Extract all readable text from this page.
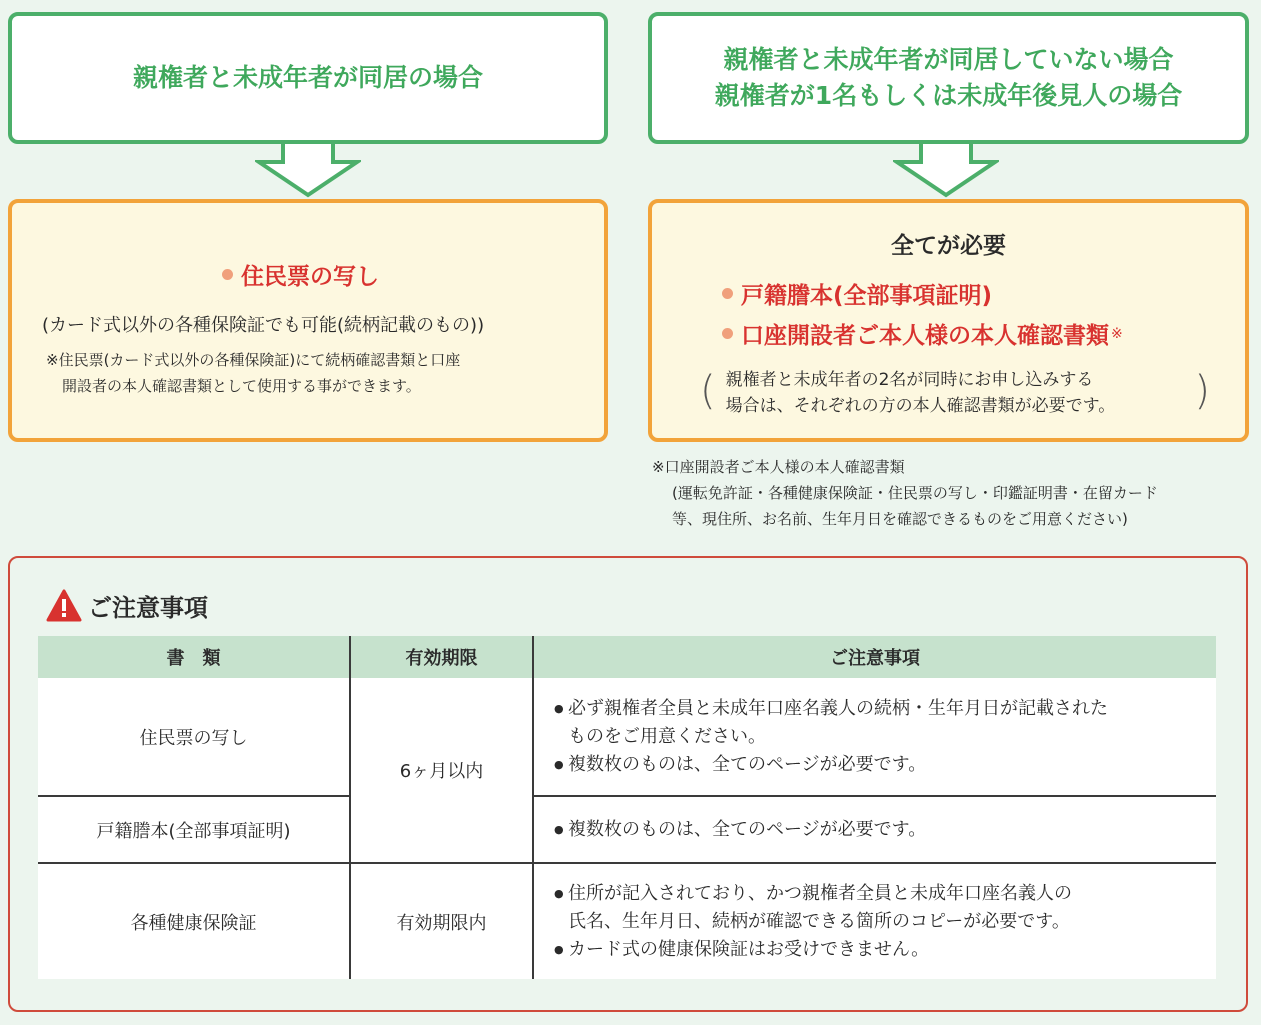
親権者と未成年者が同居の場合
親権者と未成年者が同居していない場合
親権者が1名もしくは未成年後見人の場合
住民票の写し
(カード式以外の各種保険証でも可能(続柄記載のもの))
※住民票(カード式以外の各種保険証)にて続柄確認書類と口座
開設者の本人確認書類として使用する事ができます。
全てが必要
戸籍謄本(全部事項証明)
口座開設者ご本人様の本人確認書類 ※
( 親権者と未成年者の2名が同時にお申し込みする
場合は、それぞれの方の本人確認書類が必要です。	)
※口座開設者ご本人様の本人確認書類
(運転免許証・各種健康保険証・住民票の写し・印鑑証明書・在留カード
等、現住所、お名前、生年月日を確認できるものをご用意ください)
ご注意事項
書　類	有効期限	ご注意事項
住民票の写し	6ヶ月以内	● 必ず親権者全員と未成年口座名義人の続柄・生年月日が記載された
ものをご用意ください。
● 複数枚のものは、全てのページが必要です。

戸籍謄本(全部事項証明)		● 複数枚のものは、全てのページが必要です。

各種健康保険証	有効期限内	● 住所が記入されており、かつ親権者全員と未成年口座名義人の
氏名、生年月日、続柄が確認できる箇所のコピーが必要です。
● カード式の健康保険証はお受けできません。
